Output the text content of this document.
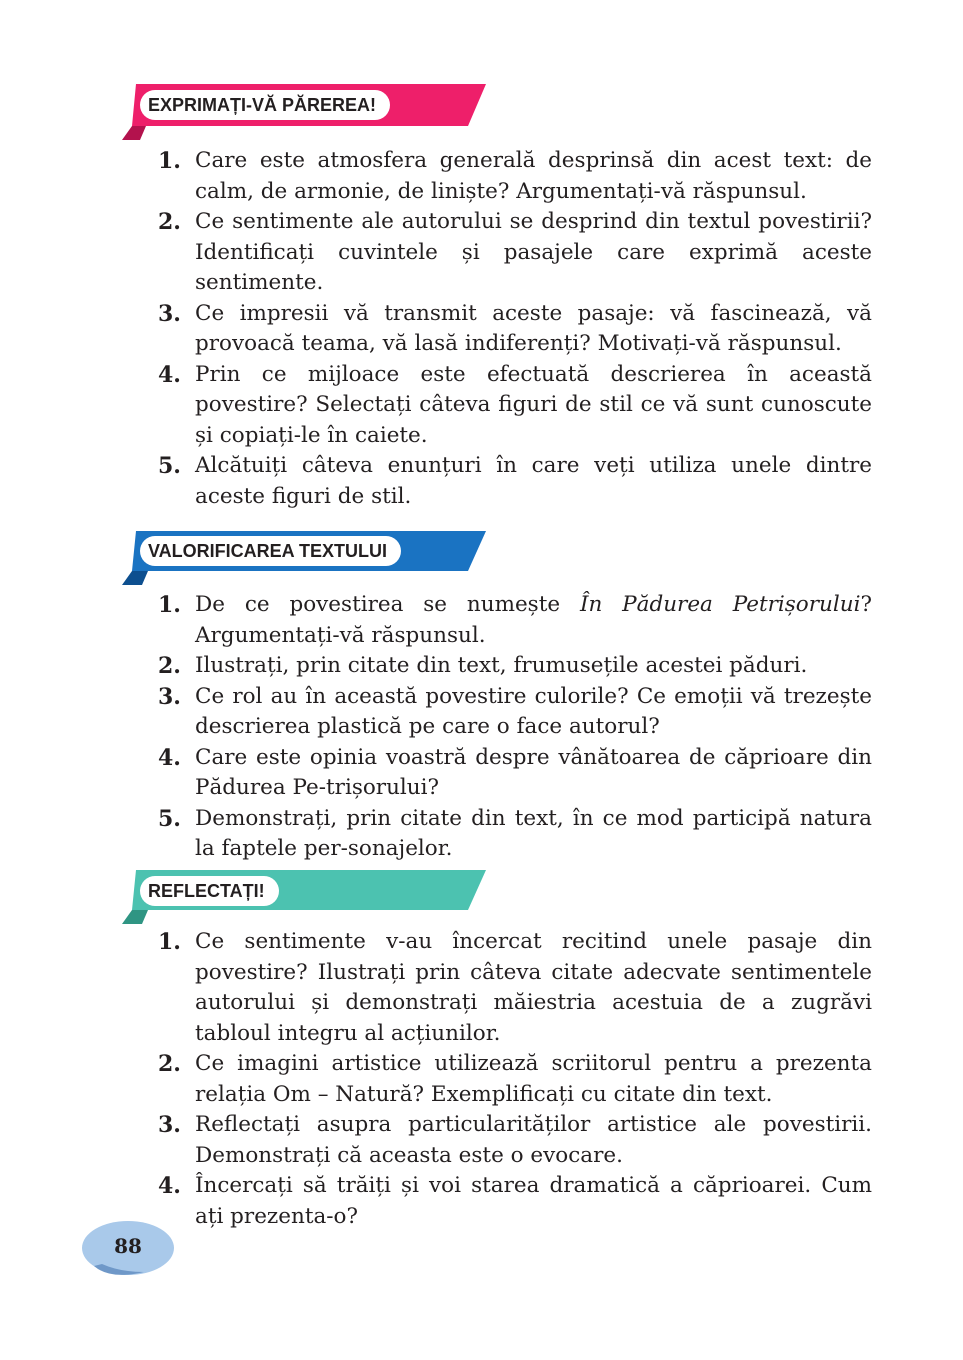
EXPRIMAȚI-VĂ PĂREREA!
1. Care este atmosfera generală desprinsă din acest text: de calm, de armonie, de liniște? Argumentați-vă răspunsul.
2. Ce sentimente ale autorului se desprind din textul povestirii? Identificați cuvintele și pasajele care exprimă aceste sentimente.
3. Ce impresii vă transmit aceste pasaje: vă fascinează, vă provoacă teama, vă lasă indiferenți? Motivați-vă răspunsul.
4. Prin ce mijloace este efectuată descrierea în această povestire? Selectați câteva figuri de stil ce vă sunt cunoscute și copiați-le în caiete.
5. Alcătuiți câteva enunțuri în care veți utiliza unele dintre aceste figuri de stil.
VALORIFICAREA TEXTULUI
1. De ce povestirea se numește În Pădurea Petrișorului? Argumentați-vă răspunsul.
2. Ilustrați, prin citate din text, frumusețile acestei păduri.
3. Ce rol au în această povestire culorile? Ce emoții vă trezește descrierea plastică pe care o face autorul?
4. Care este opinia voastră despre vânătoarea de căprioare din Pădurea Pe-trișorului?
5. Demonstrați, prin citate din text, în ce mod participă natura la faptele per-sonajelor.
REFLECTAȚI!
1. Ce sentimente v-au încercat recitind unele pasaje din povestire? Ilustrați prin câteva citate adecvate sentimentele autorului și demonstrați măiestria acestuia de a zugrăvi tabloul integru al acțiunilor.
2. Ce imagini artistice utilizează scriitorul pentru a prezenta relația Om – Natură? Exemplificați cu citate din text.
3. Reflectați asupra particularităților artistice ale povestirii. Demonstrați că aceasta este o evocare.
4. Încercați să trăiți și voi starea dramatică a căprioarei. Cum ați prezenta-o?
88
